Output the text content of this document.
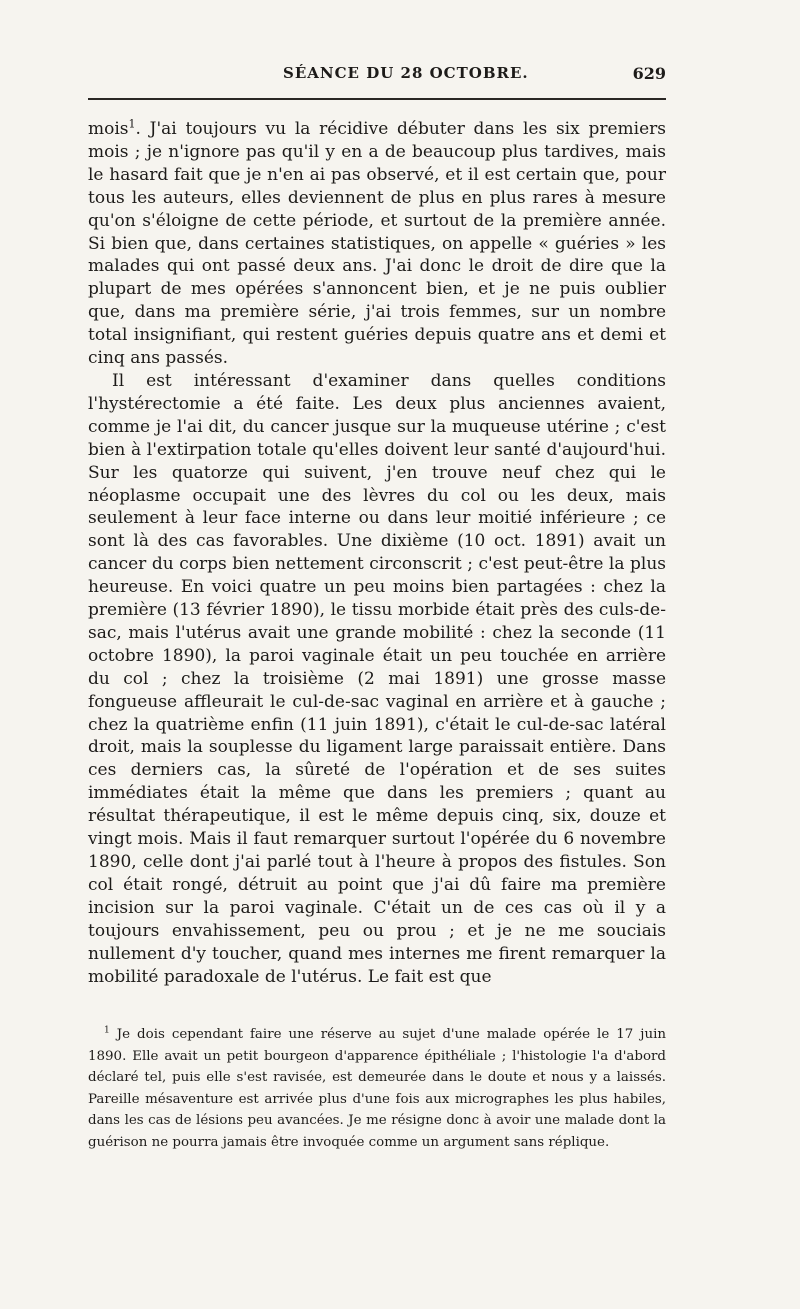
SÉANCE DU 28 OCTOBRE.	629

mois$^1$. J'ai toujours vu la récidive débuter dans les six premiers mois ; je n'ignore pas qu'il y en a de beaucoup plus tardives, mais le hasard fait que je n'en ai pas observé, et il est certain que, pour tous les auteurs, elles deviennent de plus en plus rares à mesure qu'on s'éloigne de cette période, et surtout de la première année. Si bien que, dans certaines statistiques, on appelle « guéries » les malades qui ont passé deux ans. J'ai donc le droit de dire que la plupart de mes opérées s'annoncent bien, et je ne puis oublier que, dans ma première série, j'ai trois femmes, sur un nombre total insignifiant, qui restent guéries depuis quatre ans et demi et cinq ans passés.

Il est intéressant d'examiner dans quelles conditions l'hystérectomie a été faite. Les deux plus anciennes avaient, comme je l'ai dit, du cancer jusque sur la muqueuse utérine ; c'est bien à l'extirpation totale qu'elles doivent leur santé d'aujourd'hui. Sur les quatorze qui suivent, j'en trouve neuf chez qui le néoplasme occupait une des lèvres du col ou les deux, mais seulement à leur face interne ou dans leur moitié inférieure ; ce sont là des cas favorables. Une dixième (10 oct. 1891) avait un cancer du corps bien nettement circonscrit ; c'est peut-être la plus heureuse. En voici quatre un peu moins bien partagées : chez la première (13 février 1890), le tissu morbide était près des culs-de-sac, mais l'utérus avait une grande mobilité : chez la seconde (11 octobre 1890), la paroi vaginale était un peu touchée en arrière du col ; chez la troisième (2 mai 1891) une grosse masse fongueuse affleurait le cul-de-sac vaginal en arrière et à gauche ; chez la quatrième enfin (11 juin 1891), c'était le cul-de-sac latéral droit, mais la souplesse du ligament large paraissait entière. Dans ces derniers cas, la sûreté de l'opération et de ses suites immédiates était la même que dans les premiers ; quant au résultat thérapeutique, il est le même depuis cinq, six, douze et vingt mois. Mais il faut remarquer surtout l'opérée du 6 novembre 1890, celle dont j'ai parlé tout à l'heure à propos des fistules. Son col était rongé, détruit au point que j'ai dû faire ma première incision sur la paroi vaginale. C'était un de ces cas où il y a toujours envahissement, peu ou prou ; et je ne me souciais nullement d'y toucher, quand mes internes me firent remarquer la mobilité paradoxale de l'utérus. Le fait est que

$^1$ Je dois cependant faire une réserve au sujet d'une malade opérée le 17 juin 1890. Elle avait un petit bourgeon d'apparence épithéliale ; l'histologie l'a d'abord déclaré tel, puis elle s'est ravisée, est demeurée dans le doute et nous y a laissés. Pareille mésaventure est arrivée plus d'une fois aux micrographes les plus habiles, dans les cas de lésions peu avancées. Je me résigne donc à avoir une malade dont la guérison ne pourra jamais être invoquée comme un argument sans réplique.
